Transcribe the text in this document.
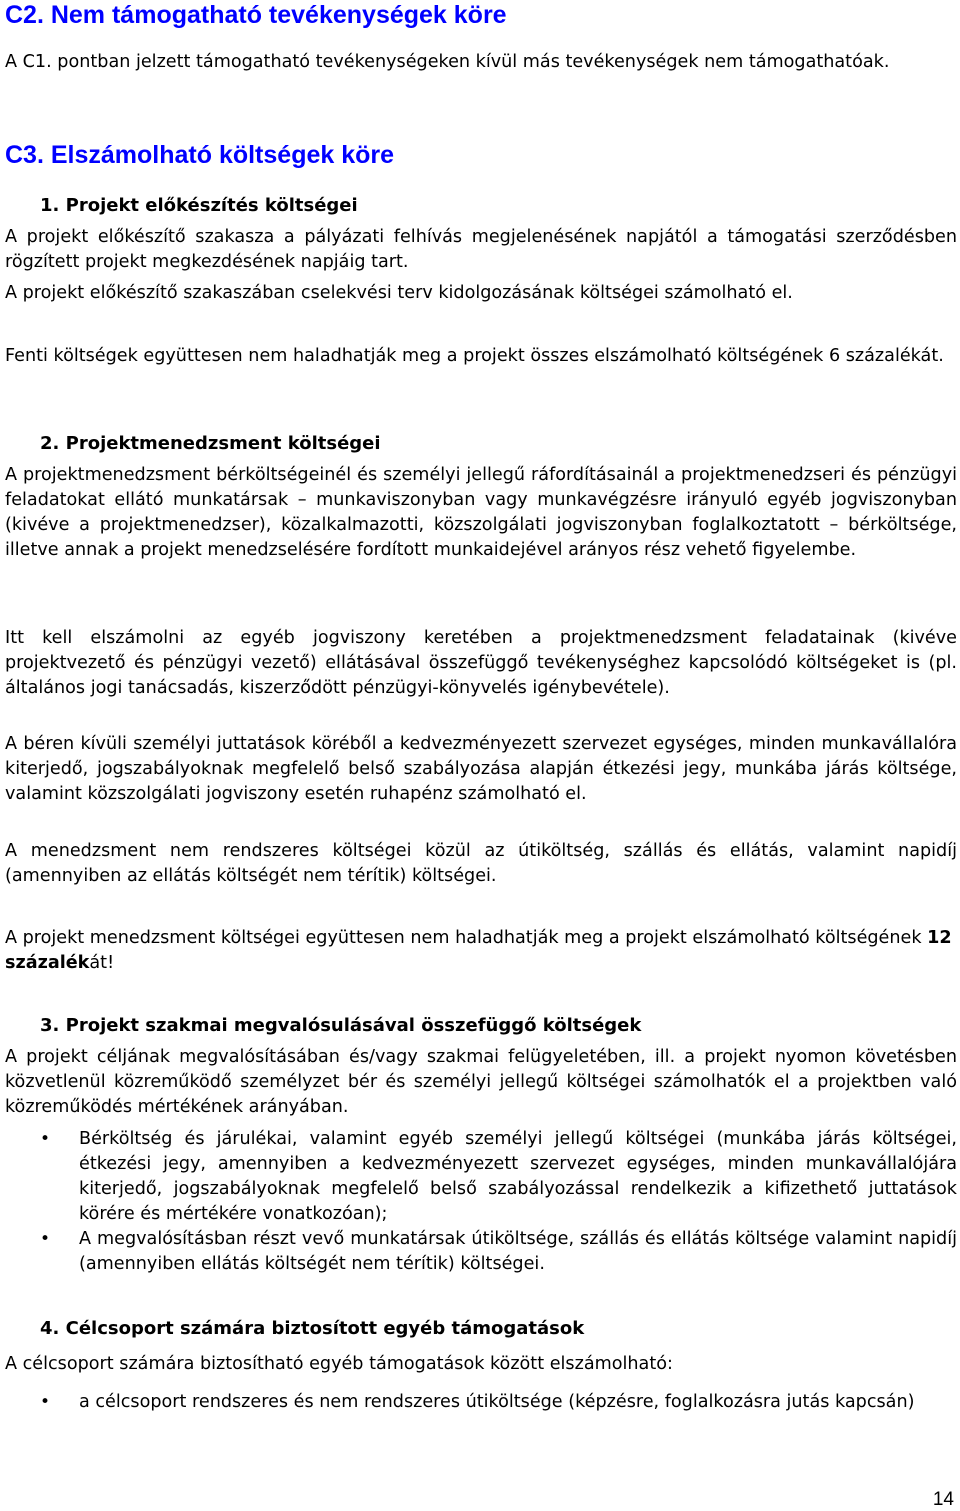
C2. Nem támogatható tevékenységek köre

A C1. pontban jelzett támogatható tevékenységeken kívül más tevékenységek nem támogathatóak.

C3. Elszámolható költségek köre
1. Projekt előkészítés költségei

A projekt előkészítő szakasza a pályázati felhívás megjelenésének napjától a támogatási szerződésben rögzített projekt megkezdésének napjáig tart.

A projekt előkészítő szakaszában cselekvési terv kidolgozásának költségei számolható el.

Fenti költségek együttesen nem haladhatják meg a projekt összes elszámolható költségének 6 százalékát.

2. Projektmenedzsment költségei

A projektmenedzsment bérköltségeinél és személyi jellegű ráfordításainál a projektmenedzseri és pénzügyi feladatokat ellátó munkatársak – munkaviszonyban vagy munkavégzésre irányuló egyéb jogviszonyban (kivéve a projektmenedzser), közalkalmazotti, közszolgálati jogviszonyban foglalkoztatott – bérköltsége, illetve annak a projekt menedzselésére fordított munkaidejével arányos rész vehető figyelembe.

Itt kell elszámolni az egyéb jogviszony keretében a projektmenedzsment feladatainak (kivéve projektvezető és pénzügyi vezető) ellátásával összefüggő tevékenységhez kapcsolódó költségeket is (pl. általános jogi tanácsadás, kiszerződött pénzügyi-könyvelés igénybevétele).

A béren kívüli személyi juttatások köréből a kedvezményezett szervezet egységes, minden munkavállalóra kiterjedő, jogszabályoknak megfelelő belső szabályozása alapján étkezési jegy, munkába járás költsége, valamint közszolgálati jogviszony esetén ruhapénz számolható el.

A menedzsment nem rendszeres költségei közül az útiköltség, szállás és ellátás, valamint napidíj (amennyiben az ellátás költségét nem térítik) költségei.

A projekt menedzsment költségei együttesen nem haladhatják meg a projekt elszámolható költségének 12 százalékát!

3. Projekt szakmai megvalósulásával összefüggő költségek

A projekt céljának megvalósításában és/vagy szakmai felügyeletében, ill. a projekt nyomon követésben közvetlenül közreműködő személyzet bér és személyi jellegű költségei számolhatók el a projektben való közreműködés mértékének arányában.

• Bérköltség és járulékai, valamint egyéb személyi jellegű költségei (munkába járás költségei, étkezési jegy, amennyiben a kedvezményezett szervezet egységes, minden munkavállalójára kiterjedő, jogszabályoknak megfelelő belső szabályozással rendelkezik a kifizethető juttatások körére és mértékére vonatkozóan);

• A megvalósításban részt vevő munkatársak útiköltsége, szállás és ellátás költsége valamint napidíj (amennyiben ellátás költségét nem térítik) költségei.

4. Célcsoport számára biztosított egyéb támogatások

A célcsoport számára biztosítható egyéb támogatások között elszámolható:

• a célcsoport rendszeres és nem rendszeres útiköltsége (képzésre, foglalkozásra jutás kapcsán)

14
